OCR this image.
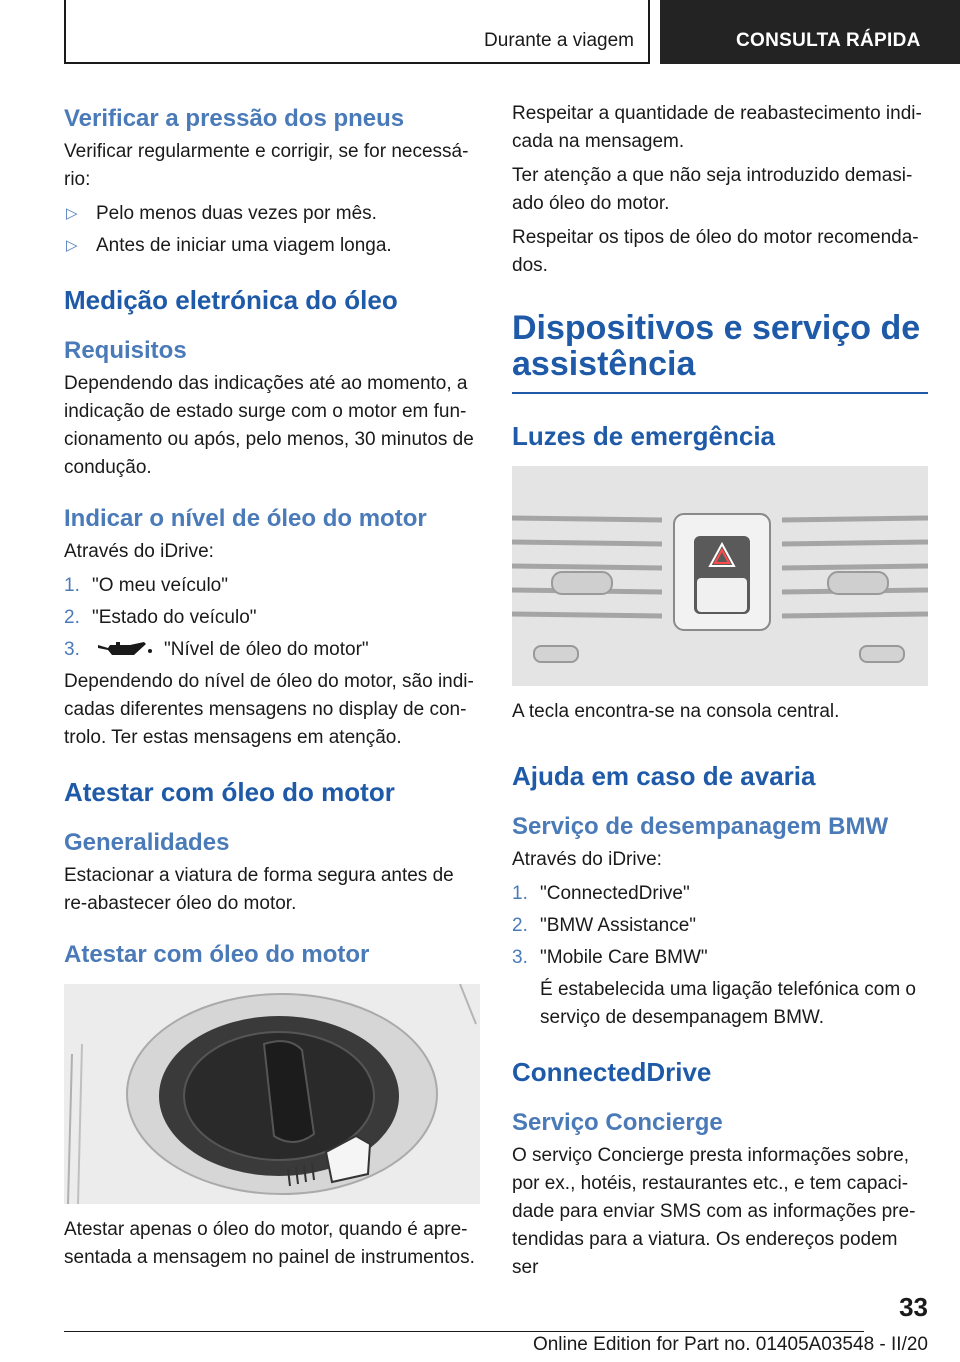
Durante a viagem	CONSULTA RÁPIDA
Verificar a pressão dos pneus

Verificar regularmente e corrigir, se for necessá‐rio:

▷ Pelo menos duas vezes por mês.
▷ Antes de iniciar uma viagem longa.
Medição eletrónica do óleo
Requisitos

Dependendo das indicações até ao momento, a indicação de estado surge com o motor em fun‐cionamento ou após, pelo menos, 30 minutos de condução.

Indicar o nível de óleo do motor

Através do iDrive:

1. "O meu veículo"
2. "Estado do veículo"
3.	"Nível de óleo do motor"

Dependendo do nível de óleo do motor, são indi‐cadas diferentes mensagens no display de con‐trolo. Ter estas mensagens em atenção.

Atestar com óleo do motor
Generalidades

Estacionar a viatura de forma segura antes de re‐abastecer óleo do motor.

Atestar com óleo do motor

Atestar apenas o óleo do motor, quando é apre‐sentada a mensagem no painel de instrumentos.

Respeitar a quantidade de reabastecimento indi‐cada na mensagem.

Ter atenção a que não seja introduzido demasi‐ado óleo do motor.

Respeitar os tipos de óleo do motor recomenda‐dos.

Dispositivos e serviço de assistência
Luzes de emergência

A tecla encontra-se na consola central.

Ajuda em caso de avaria
Serviço de desempanagem BMW

Através do iDrive:

1. "ConnectedDrive"
2. "BMW Assistance"
3. "Mobile Care BMW"
É estabelecida uma ligação telefónica com o serviço de desempanagem BMW.
ConnectedDrive
Serviço Concierge

O serviço Concierge presta informações sobre, por ex., hotéis, restaurantes etc., e tem capaci‐dade para enviar SMS com as informações pre‐tendidas para a viatura. Os endereços podem ser

33
Online Edition for Part no. 01405A03548 - II/20
